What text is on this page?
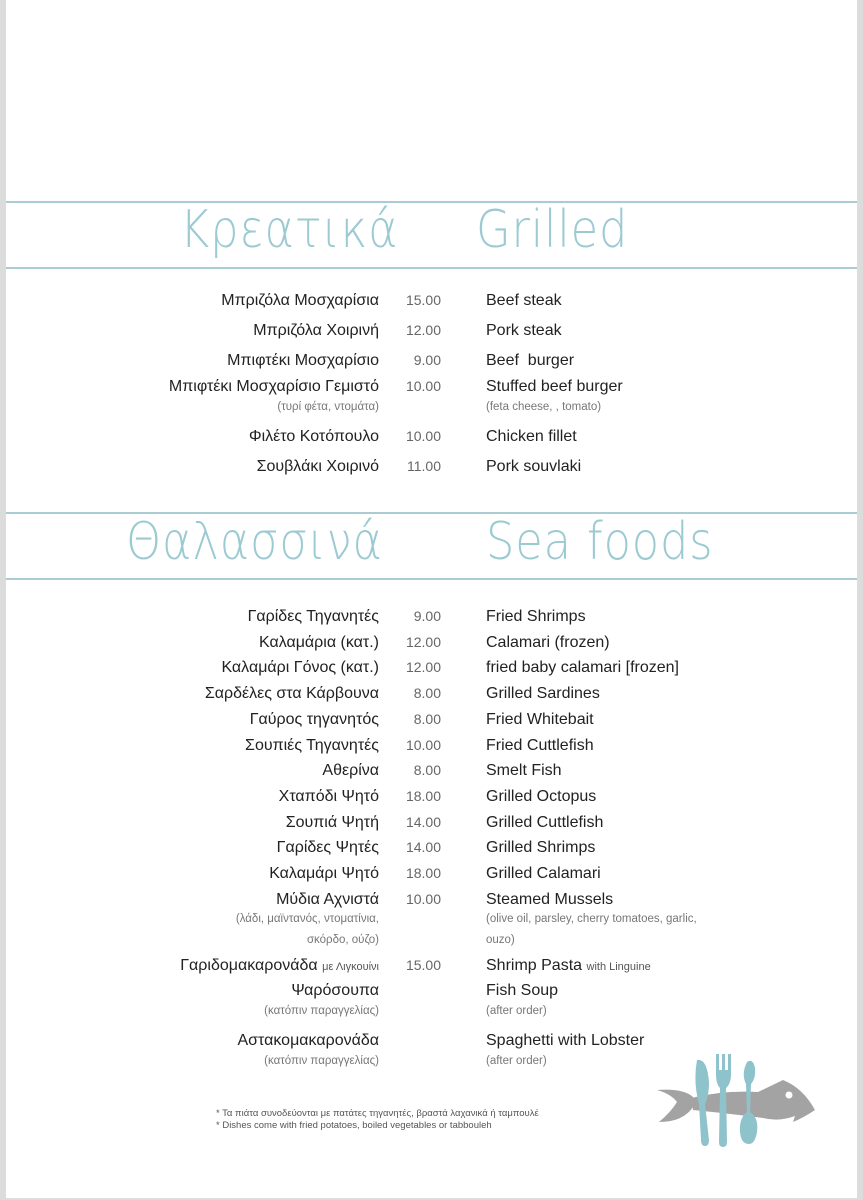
Κρεατικά Grilled
Μπριζόλα Μοσχαρίσια 15.00	Beef steak
Μπριζόλα Χοιρινή 12.00	Pork steak
Μπιφτέκι Μοσχαρίσιο 9.00	Beef  burger
Μπιφτέκι Μοσχαρίσιο Γεμιστό 10.00	Stuffed beef burger
(τυρί φέτα, ντομάτα)	(feta cheese, , tomato)
Φιλέτο Κοτόπουλο 10.00	Chicken fillet
Σουβλάκι Χοιρινό 11.00	Pork souvlaki
Θαλασσινά Sea foods
Γαρίδες Τηγανητές 9.00	Fried Shrimps
Καλαμάρια (κατ.) 12.00	Calamari (frozen)
Καλαμάρι Γόνος (κατ.) 12.00	fried baby calamari [frozen]
Σαρδέλες στα Κάρβουνα 8.00	Grilled Sardines
Γαύρος τηγανητός 8.00	Fried Whitebait
Σουπιές Τηγανητές 10.00	Fried Cuttlefish
Αθερίνα 8.00	Smelt Fish
Χταπόδι Ψητό 18.00	Grilled Octopus
Σουπιά Ψητή 14.00	Grilled Cuttlefish
Γαρίδες Ψητές 14.00	Grilled Shrimps
Καλαμάρι Ψητό 18.00	Grilled Calamari
Μύδια Αχνιστά 10.00	Steamed Mussels
(λάδι, μαϊντανός, ντοματίνια,
σκόρδο, ούζο)
(olive oil, parsley, cherry tomatoes, garlic,
ouzo)
Γαριδομακαρονάδα με Λιγκουίνι 15.00	Shrimp Pasta with Linguine
Ψαρόσουπα	Fish Soup
(κατόπιν παραγγελίας)	(after order)
Αστακομακαρονάδα	Spaghetti with Lobster
(κατόπιν παραγγελίας)	(after order)
* Τα πιάτα συνοδεύονται με πατάτες τηγανητές, βραστά λαχανικά ή ταμπουλέ
* Dishes come with fried potatoes, boiled vegetables or tabbouleh
